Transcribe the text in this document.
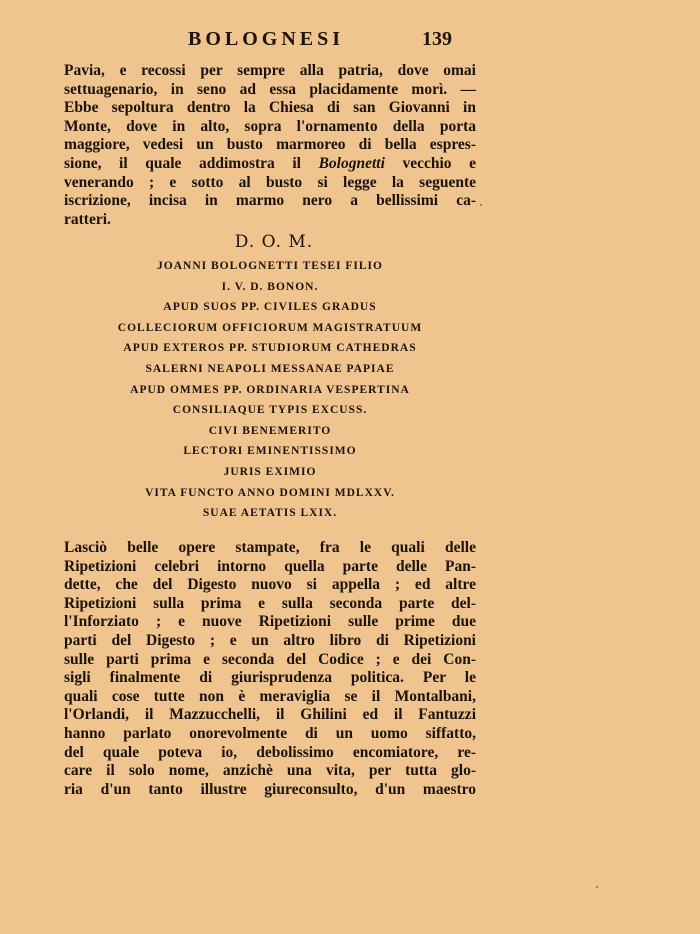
BOLOGNESI	139
Pavia, e recossi per sempre alla patria, dove omai
settuagenario, in seno ad essa placidamente morì. —
Ebbe sepoltura dentro la Chiesa di san Giovanni in
Monte, dove in alto, sopra l'ornamento della porta
maggiore, vedesi un busto marmoreo di bella espres-
sione, il quale addimostra il Bolognetti vecchio e
venerando ; e sotto al busto si legge la seguente
iscrizione, incisa in marmo nero a bellissimi ca-
ratteri.
D. O. M.
JOANNI BOLOGNETTI TESEI FILIO
I. V. D. BONON.
APUD SUOS PP. CIVILES GRADUS
COLLECIORUM OFFICIORUM MAGISTRATUUM
APUD EXTEROS PP. STUDIORUM CATHEDRAS
SALERNI NEAPOLI MESSANAE PAPIAE
APUD OMMES PP. ORDINARIA VESPERTINA
CONSILIAQUE TYPIS EXCUSS.
CIVI BENEMERITO
LECTORI EMINENTISSIMO
JURIS EXIMIO
VITA FUNCTO ANNO DOMINI MDLXXV.
SUAE AETATIS LXIX.
Lasciò belle opere stampate, fra le quali delle
Ripetizioni celebri intorno quella parte delle Pan-
dette, che del Digesto nuovo si appella ; ed altre
Ripetizioni sulla prima e sulla seconda parte del-
l'Inforziato ; e nuove Ripetizioni sulle prime due
parti del Digesto ; e un altro libro di Ripetizioni
sulle parti prima e seconda del Codice ; e dei Con-
sigli finalmente di giurisprudenza politica. Per le
quali cose tutte non è meraviglia se il Montalbani,
l'Orlandi, il Mazzucchelli, il Ghilini ed il Fantuzzi
hanno parlato onorevolmente di un uomo siffatto,
del quale poteva io, debolissimo encomiatore, re-
care il solo nome, anzichè una vita, per tutta glo-
ria d'un tanto illustre giureconsulto, d'un maestro
